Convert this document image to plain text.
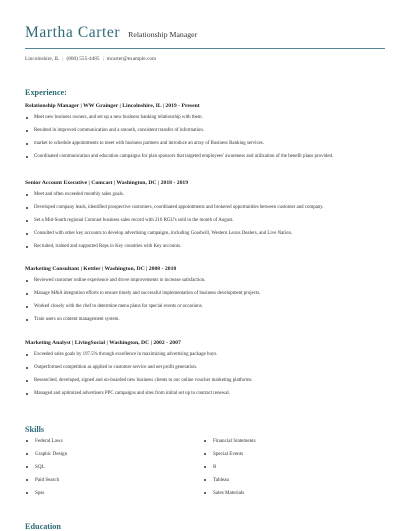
Martha Carter Relationship Manager
Lincolnshire, IL | (800) 555-4485 | mcarter@example.com
Experience:
Relationship Manager | WW Grainger | Lincolnshire, IL | 2019 - Present
Meet new business owners, and set up a new business banking relationship with them.
Resulted in improved communication and a smooth, consistent transfer of information.
market to schedule appointments to meet with business partners and introduce an array of Business Banking services.
Coordinated communication and education campaigns for plan sponsors that targeted employees' awareness and utilization of the benefit plans provided.
Senior Account Executive | Comcast | Washington, DC | 2018 - 2019
Meet and often exceeded monthly sales goals.
Developed company leads, identified prospective customers, coordinated appointments and brokered opportunities between customer and company.
Set a Mid-South regional Comcast business sales record with 216 RGU's sold in the month of August.
Consulted with other key accounts to develop advertising campaigns, including Goodwill, Western Lexus Dealers, and Live Nation.
Recruited, trained and supported Reps in Key countries with Key accounts.
Marketing Consultant | Kettler | Washington, DC | 2008 - 2018
Reviewed customer online experience and drove improvements to increase satisfaction.
Manage M&A integration efforts to ensure timely and successful implementation of business development projects.
Worked closely with the chef to determine menu plans for special events or occasions.
Train users on content management system.
Marketing Analyst | LivingSocial | Washington, DC | 2002 - 2007
Exceeded sales goals by 197.5% through excellence in maximizing advertising package buys.
Outperformed competition as applied to customer service and net profit generation.
Researched, developed, signed and on-boarded new business clients to our online voucher marketing platforms.
Managed and optimized advertisers PPC campaigns and sites from initial set up to contract renewal.
Skills
Federal Laws
Graphic Design
SQL
Paid Search
Spss
Financial Statements
Special Events
R
Tableau
Sales Materials
Education
